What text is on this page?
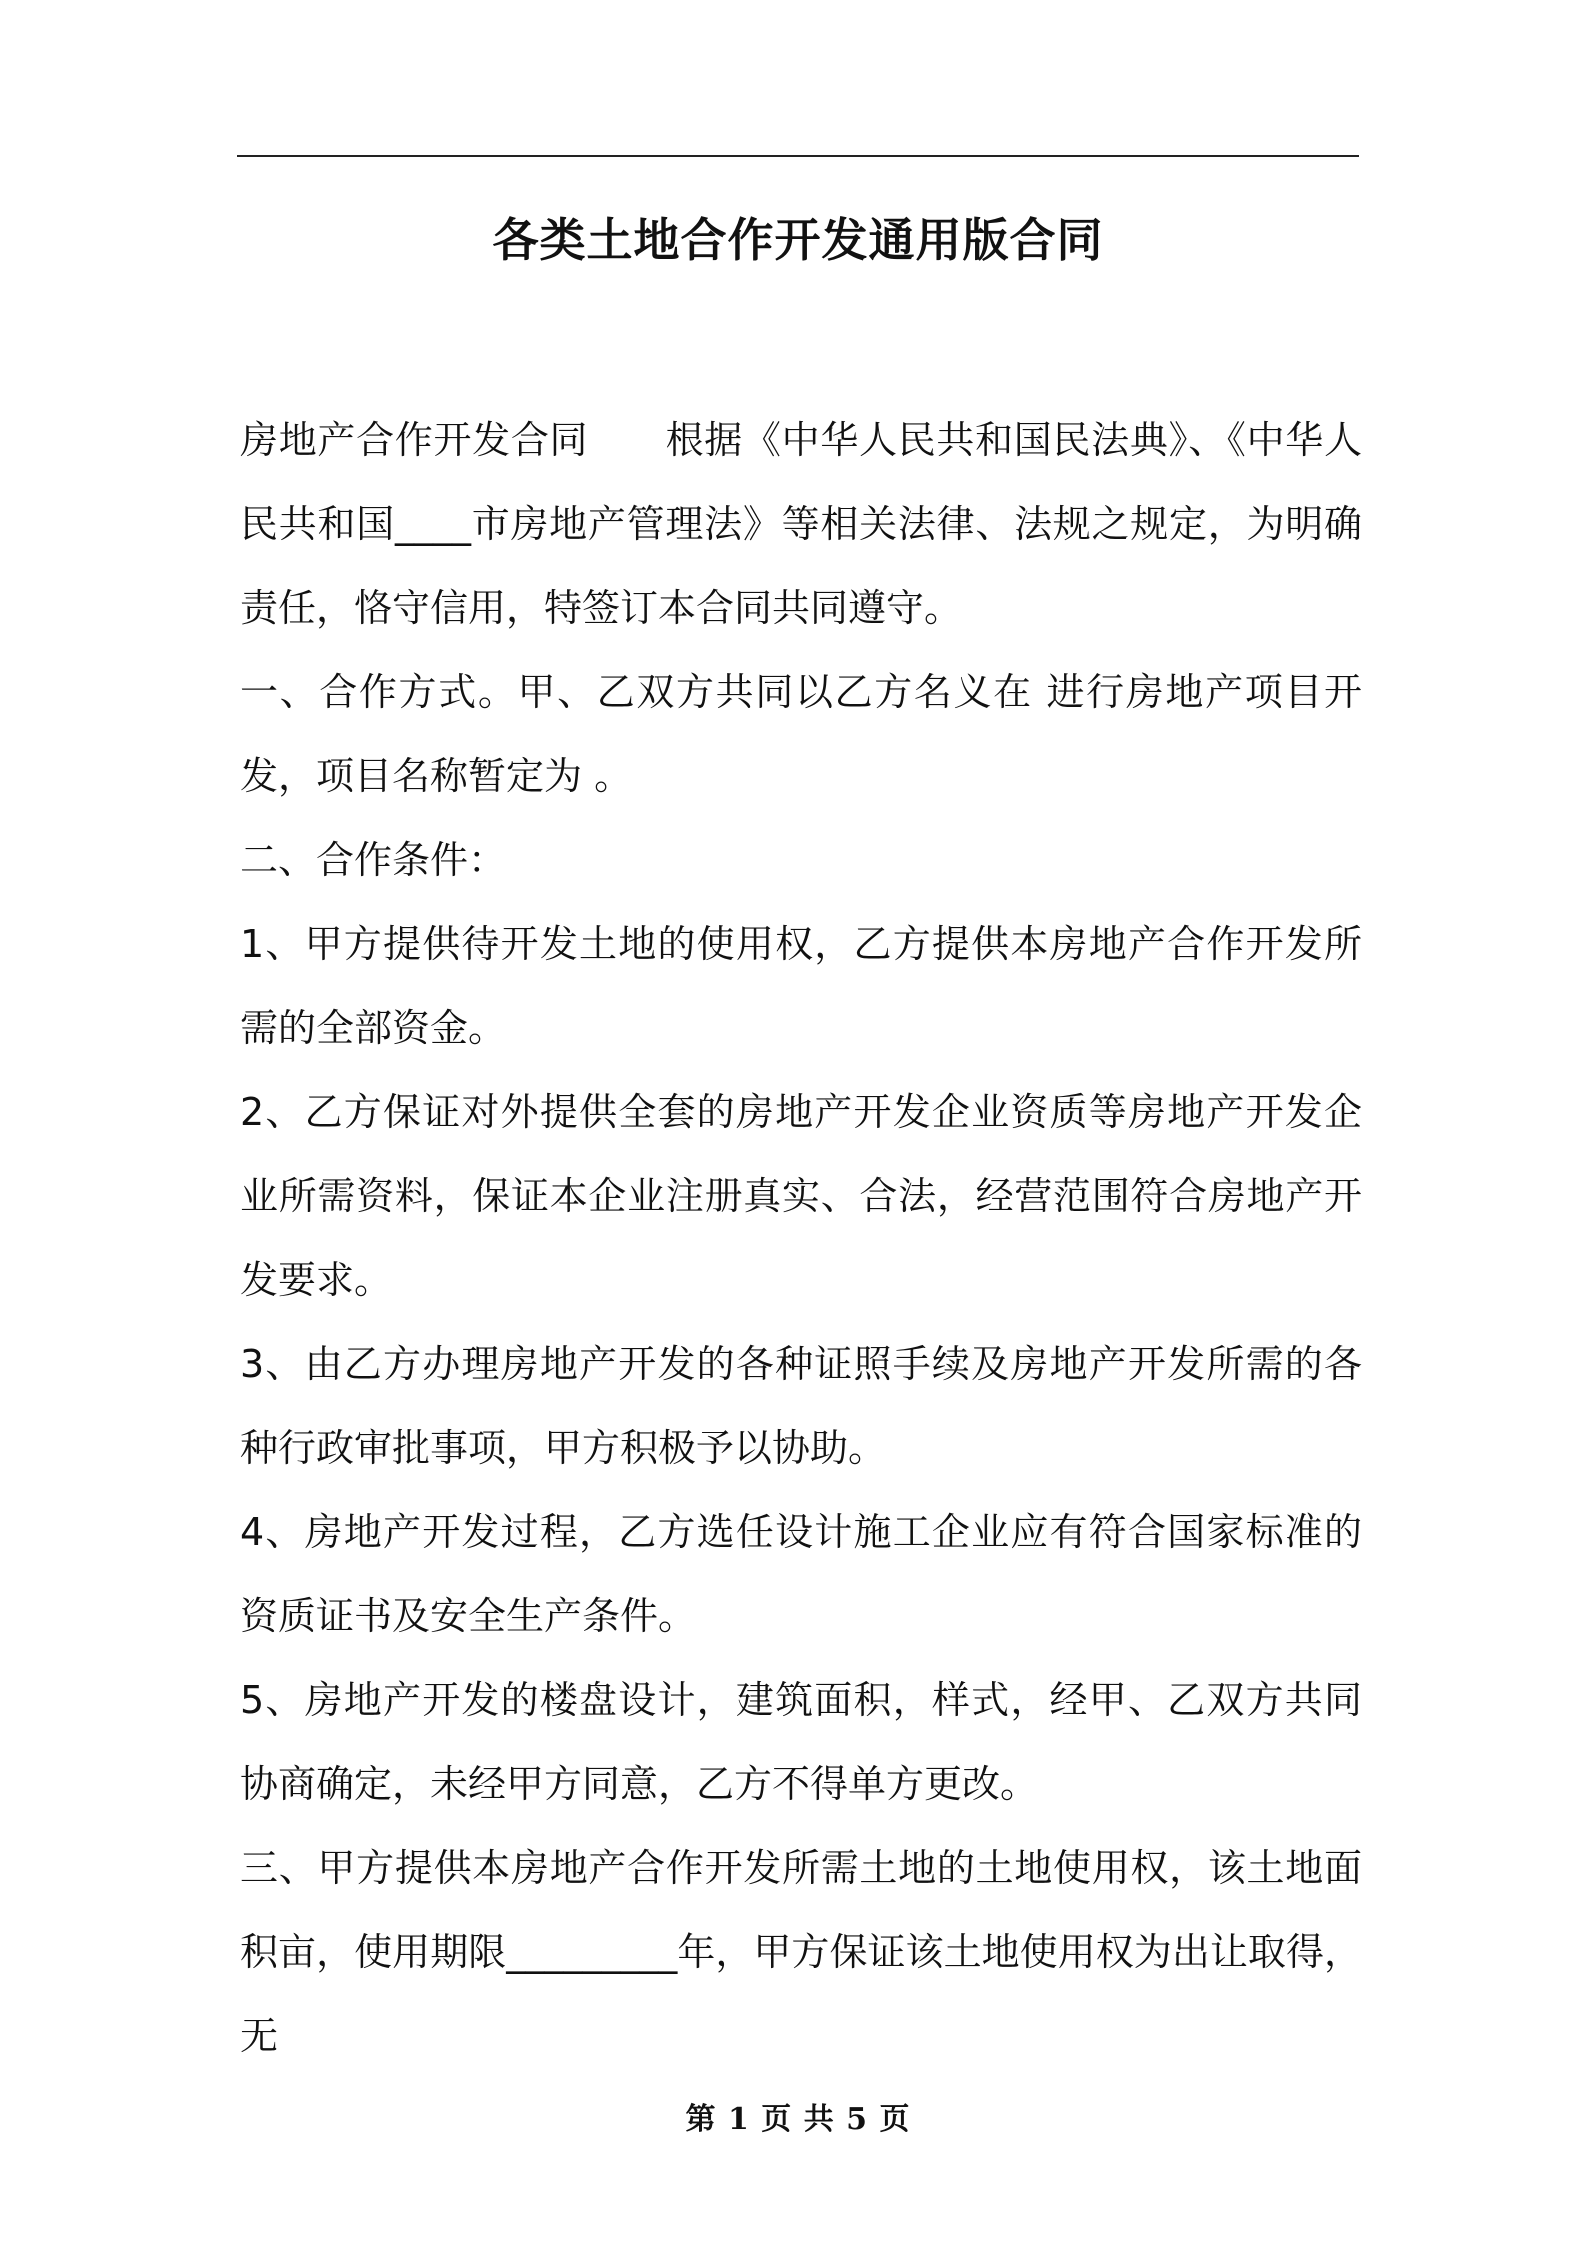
各类土地合作开发通用版合同

房地产合作开发合同　　根据《中华人民共和国民法典》、《中华人民共和国____市房地产管理法》等相关法律、法规之规定，为明确责任，恪守信用，特签订本合同共同遵守。

一、合作方式。甲、乙双方共同以乙方名义在 进行房地产项目开发，项目名称暂定为 。

二、合作条件：

1、甲方提供待开发土地的使用权，乙方提供本房地产合作开发所需的全部资金。

2、乙方保证对外提供全套的房地产开发企业资质等房地产开发企业所需资料，保证本企业注册真实、合法，经营范围符合房地产开发要求。

3、由乙方办理房地产开发的各种证照手续及房地产开发所需的各种行政审批事项，甲方积极予以协助。

4、房地产开发过程，乙方选任设计施工企业应有符合国家标准的资质证书及安全生产条件。

5、房地产开发的楼盘设计，建筑面积，样式，经甲、乙双方共同协商确定，未经甲方同意，乙方不得单方更改。

三、甲方提供本房地产合作开发所需土地的土地使用权，该土地面积亩，使用期限_________年，甲方保证该土地使用权为出让取得，无

第 1 页 共 5 页
